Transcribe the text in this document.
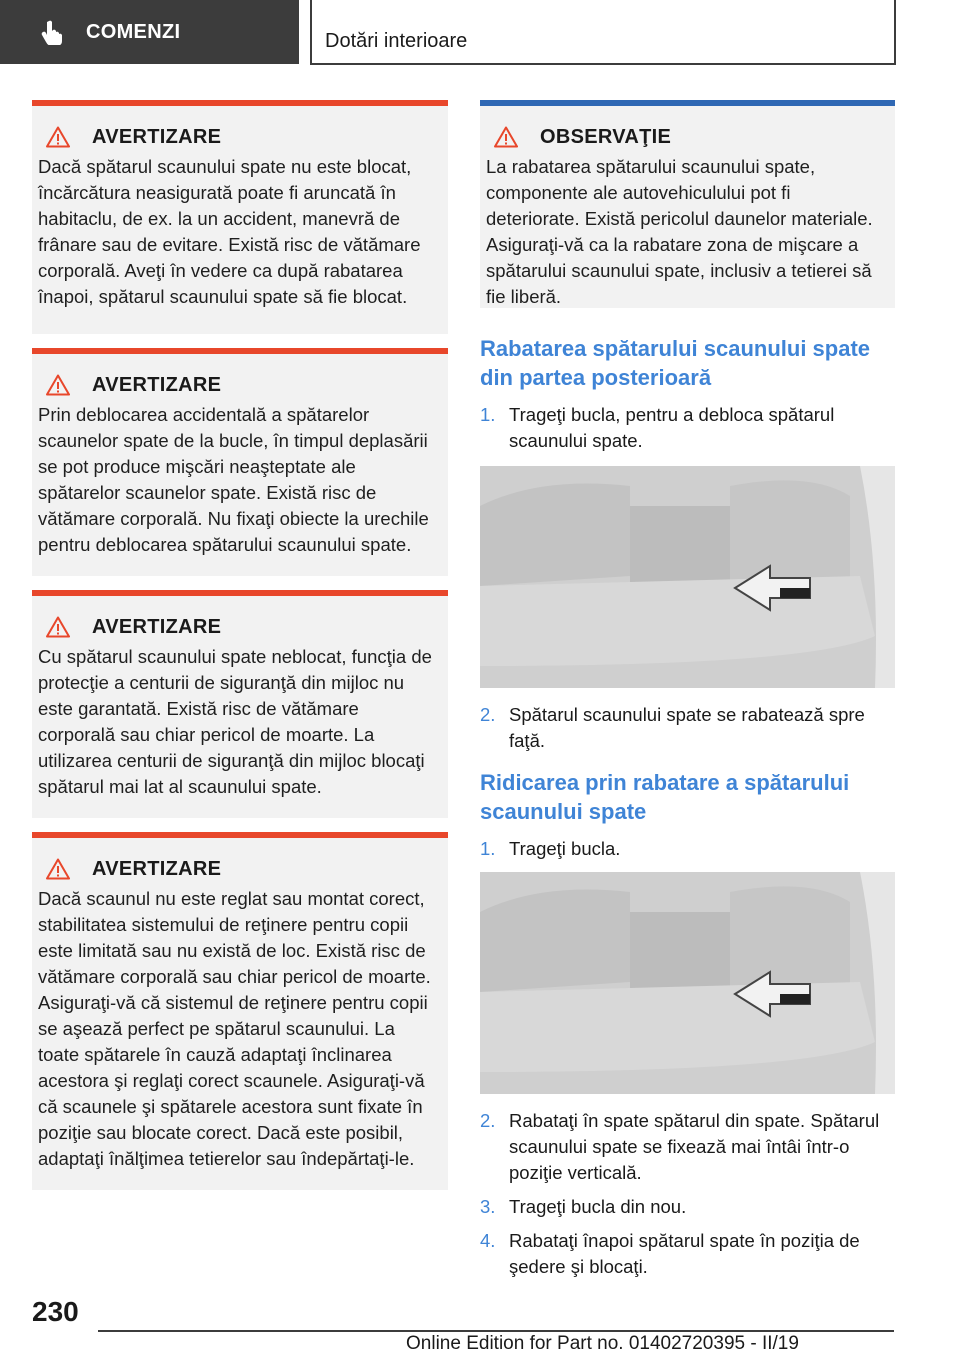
COMENZI	Dotări interioare
AVERTIZARE
Dacă spătarul scaunului spate nu este blocat, încărcătura neasigurată poate fi aruncată în habitaclu, de ex. la un accident, manevră de frânare sau de evitare. Există risc de vătămare corporală. Aveţi în vedere ca după rabatarea înapoi, spătarul scaunului spate să fie blocat.
AVERTIZARE
Prin deblocarea accidentală a spătarelor scaunelor spate de la bucle, în timpul deplasării se pot produce mişcări neaşteptate ale spătarelor scaunelor spate. Există risc de vătămare corporală. Nu fixaţi obiecte la urechile pentru deblocarea spătarului scaunului spate.
AVERTIZARE
Cu spătarul scaunului spate neblocat, funcţia de protecţie a centurii de siguranţă din mijloc nu este garantată. Există risc de vătămare corporală sau chiar pericol de moarte. La utilizarea centurii de siguranţă din mijloc blocaţi spătarul mai lat al scaunului spate.
AVERTIZARE
Dacă scaunul nu este reglat sau montat corect, stabilitatea sistemului de reţinere pentru copii este limitată sau nu există de loc. Există risc de vătămare corporală sau chiar pericol de moarte. Asiguraţi-vă că sistemul de reţinere pentru copii se aşează perfect pe spătarul scaunului. La toate spătarele în cauză adaptaţi înclinarea acestora şi reglaţi corect scaunele. Asiguraţi-vă că scaunele şi spătarele acestora sunt fixate în poziţie sau blocate corect. Dacă este posibil, adaptaţi înălţimea tetierelor sau îndepărtaţi-le.
OBSERVAŢIE
La rabatarea spătarului scaunului spate, componente ale autovehiculului pot fi deteriorate. Există pericolul daunelor materiale. Asiguraţi-vă ca la rabatare zona de mişcare a spătarului scaunului spate, inclusiv a tetierei să fie liberă.
Rabatarea spătarului scaunului spate din partea posterioară
1. Trageţi bucla, pentru a debloca spătarul scaunului spate.
2. Spătarul scaunului spate se rabatează spre faţă.
Ridicarea prin rabatare a spătarului scaunului spate
1. Trageţi bucla.
2. Rabataţi în spate spătarul din spate. Spătarul scaunului spate se fixează mai întâi într-o poziţie verticală.
3. Trageţi bucla din nou.
4. Rabataţi înapoi spătarul spate în poziţia de şedere şi blocaţi.
230
Online Edition for Part no. 01402720395 - II/19
